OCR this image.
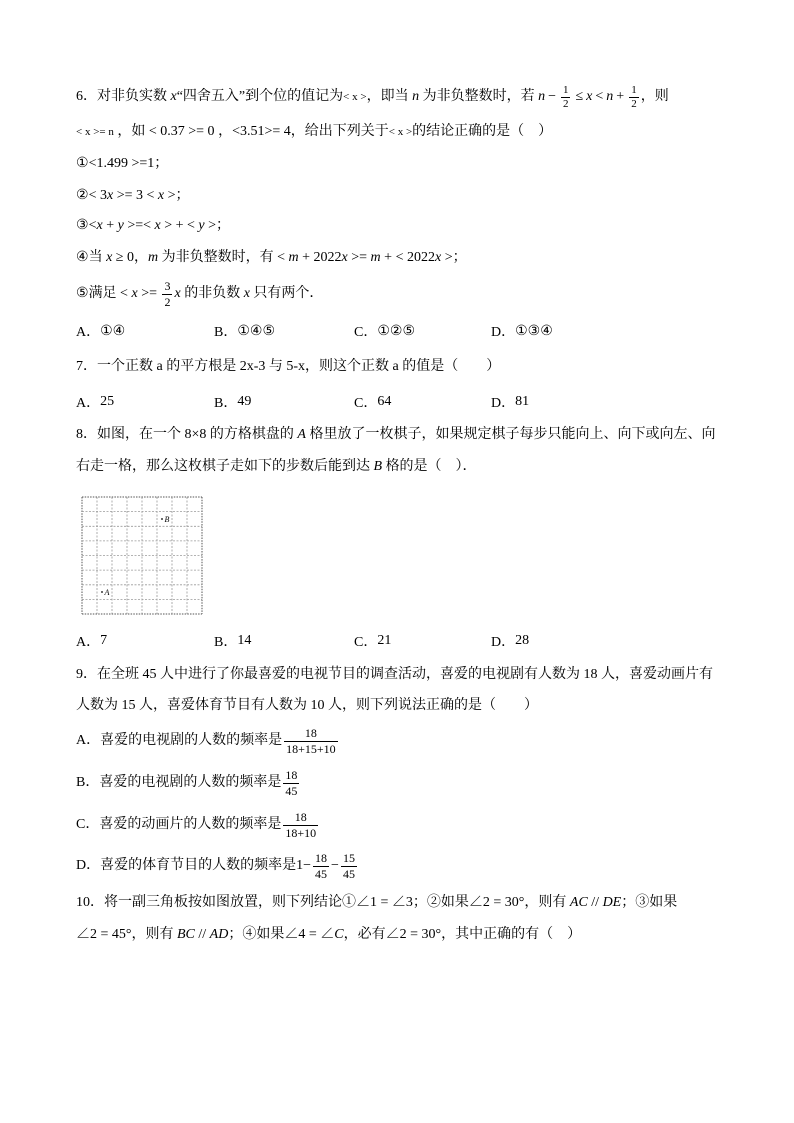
6．对非负实数 x “四舍五入”到个位的值记为 < x > ，即当 n 为非负整数时，若 $n - \frac{1}{2} \le x < n + \frac{1}{2}$ ，则
< x >= n ，如 < 0.37 >= 0 ， <3.51>= 4 ，给出下列关于 < x > 的结论正确的是（　）
① <1.499 >=1 ；
② < 3 x >= 3 < x > ；
③ < x + y >=< x > + < y > ；
④ 当 x ≥ 0， m 为非负整数时，有 < m + 2022 x >= m + < 2022 x >；
⑤ 满足 < $x >= \frac{3}{2}$ x 的非负数 x 只有两个．
A． ①④	B． ①④⑤	C． ①②⑤	D． ①③④
7．一个正数 a 的平方根是 2x-3 与 5-x，则这个正数 a 的值是（　　）
A． 25	B． 49	C． 64	D． 81
8．如图，在一个 8×8 的方格棋盘的 A 格里放了一枚棋子，如果规定棋子每步只能向上、向下或向左、向
右走一格，那么这枚棋子走如下的步数后能到达 B 格的是（　）．
B
A
A． 7	B． 14	C． 21	D． 28
9．在全班 45 人中进行了你最喜爱的电视节目的调查活动，喜爱的电视剧有人数为 18 人，喜爱动画片有
人数为 15 人，喜爱体育节目有人数为 10 人，则下列说法正确的是（　　）
A．喜爱的电视剧的人数的频率是 $\frac{18}{18+15+10}$
B．喜爱的电视剧的人数的频率是 $\frac{18}{45}$
C．喜爱的动画片的人数的频率是 $\frac{18}{18+10}$
D．喜爱的体育节目的人数的频率是 $1- \frac{18}{45} - \frac{15}{45}$
10．将一副三角板按如图放置，则下列结论①∠1 = ∠3；②如果∠2 = 30°，则有 AC // DE ；③如果
∠2 = 45°，则有 BC // AD ；④如果∠4 = ∠ C ，必有∠2 = 30°，其中正确的有（　）
